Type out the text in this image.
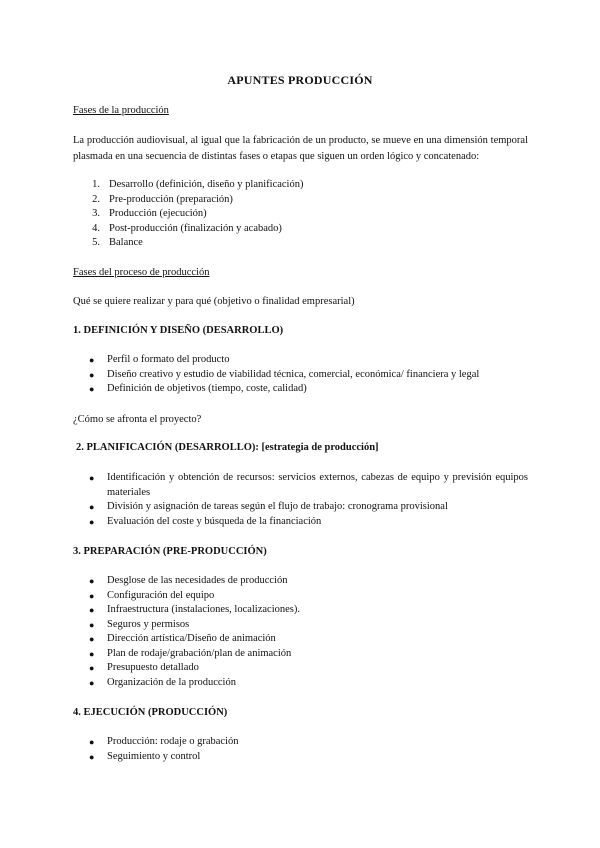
APUNTES PRODUCCIÓN
Fases de la producción
La producción audiovisual, al igual que la fabricación de un producto, se mueve en una dimensión temporal plasmada en una secuencia de distintas fases o etapas que siguen un orden lógico y concatenado:
1. Desarrollo (definición, diseño y planificación)
2. Pre-producción (preparación)
3. Producción (ejecución)
4. Post-producción (finalización y acabado)
5. Balance
Fases del proceso de producción
Qué se quiere realizar y para qué (objetivo o finalidad empresarial)
1. DEFINICIÓN Y DISEÑO (DESARROLLO)
●	Perfil o formato del producto
●	Diseño creativo y estudio de viabilidad técnica, comercial, económica/ financiera y legal
●	Definición de objetivos (tiempo, coste, calidad)
¿Cómo se afronta el proyecto?
2. PLANIFICACIÓN (DESARROLLO): [estrategia de producción]
●	Identificación y obtención de recursos: servicios externos, cabezas de equipo y previsión equipos materiales
●	División y asignación de tareas según el flujo de trabajo: cronograma provisional
●	Evaluación del coste y búsqueda de la financiación
3. PREPARACIÓN (PRE-PRODUCCIÓN)
●	Desglose de las necesidades de producción
●	Configuración del equipo
●	Infraestructura (instalaciones, localizaciones).
●	Seguros y permisos
●	Dirección artística/Diseño de animación
●	Plan de rodaje/grabación/plan de animación
●	Presupuesto detallado
●	Organización de la producción
4. EJECUCIÓN (PRODUCCIÓN)
●	Producción: rodaje o grabación
●	Seguimiento y control
